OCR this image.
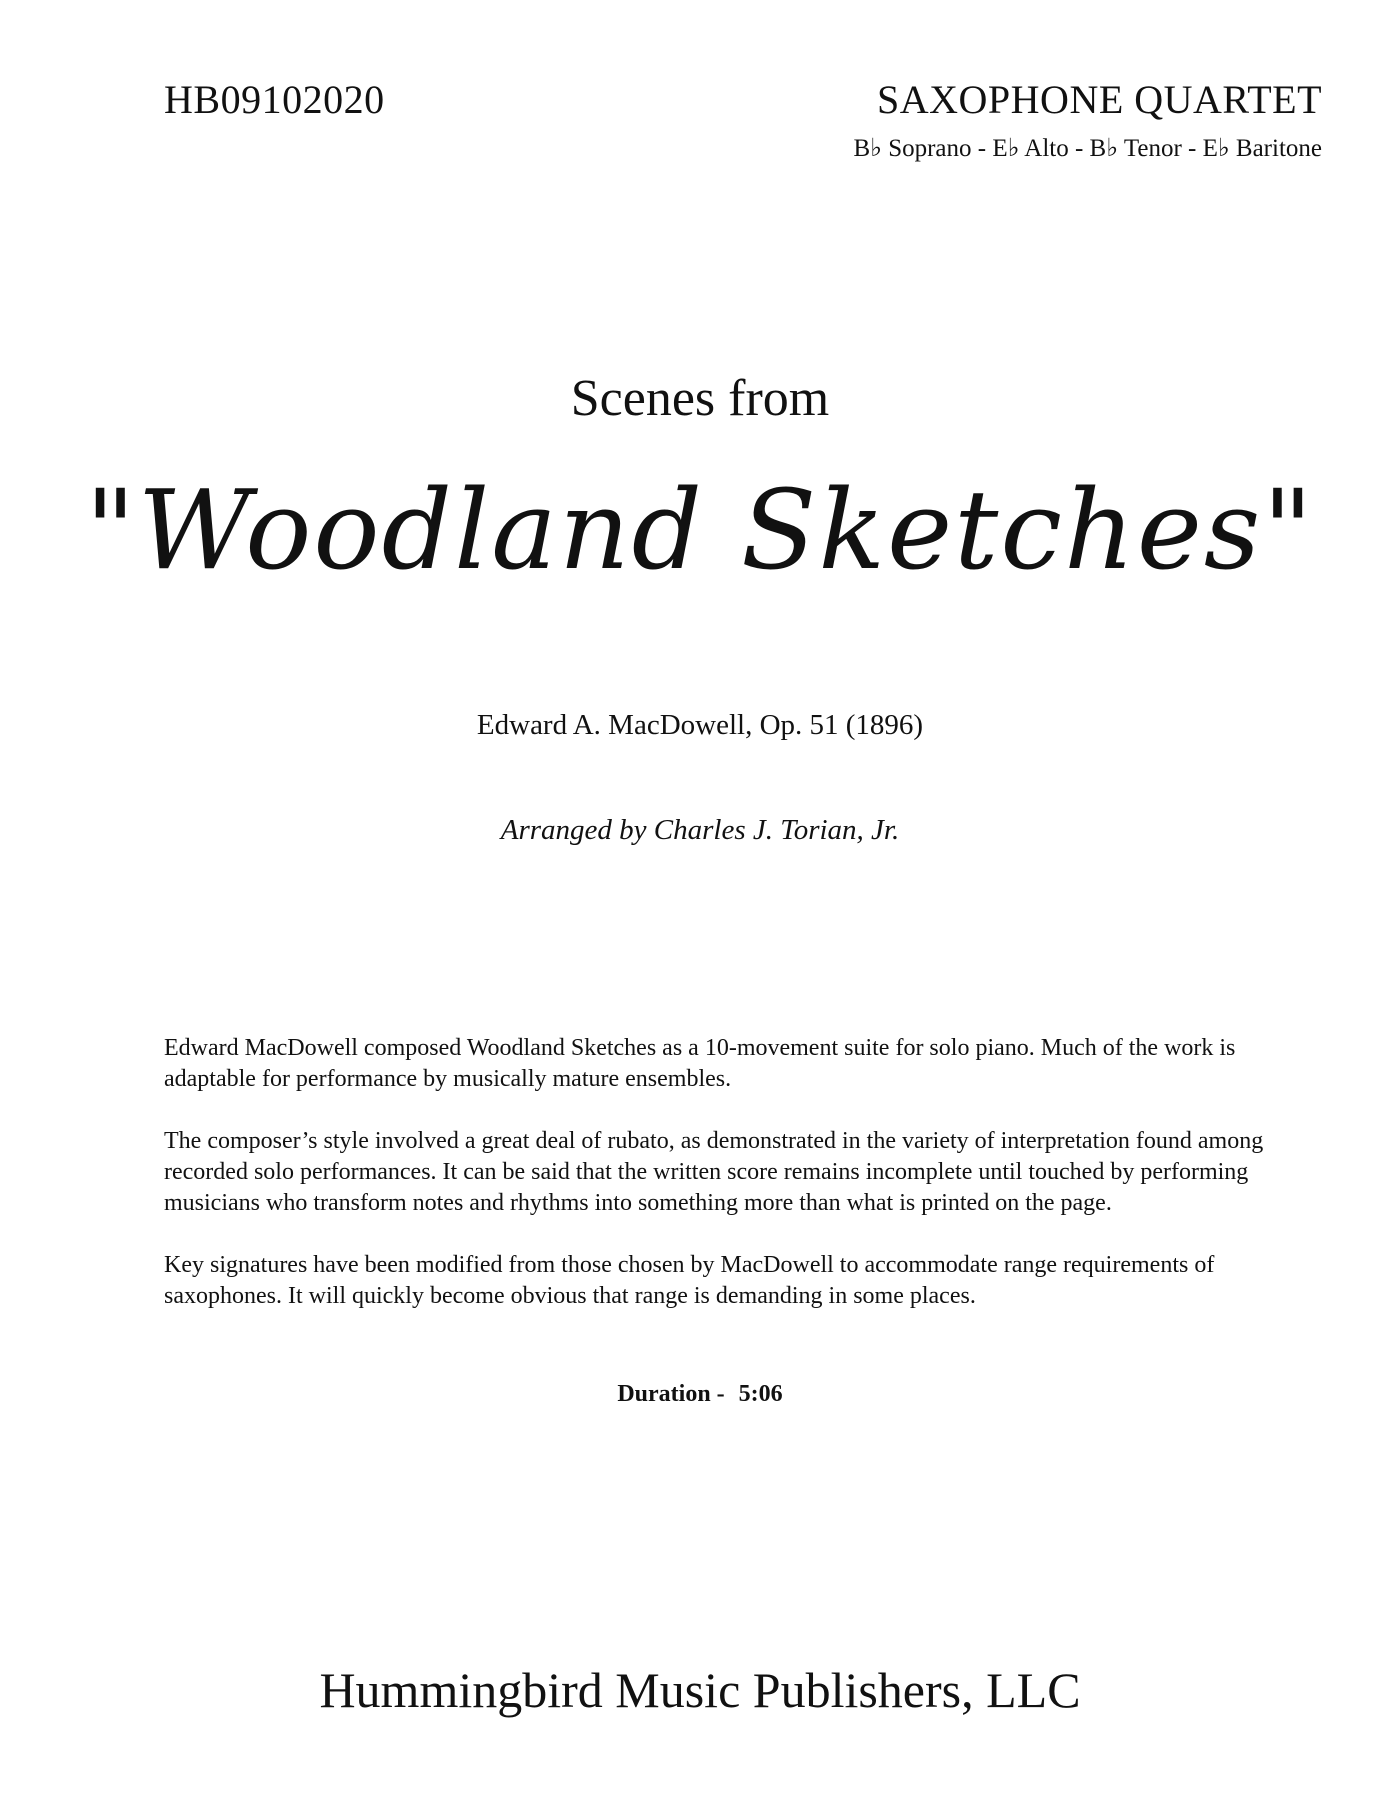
HB09102020	SAXOPHONE QUARTET
B♭ Soprano - E♭ Alto - B♭ Tenor - E♭ Baritone
Scenes from
"Woodland Sketches"
Edward A. MacDowell, Op. 51 (1896)
Arranged by Charles J. Torian, Jr.

Edward MacDowell composed Woodland Sketches as a 10-movement suite for solo piano. Much of the work is adaptable for performance by musically mature ensembles.

The composer’s style involved a great deal of rubato, as demonstrated in the variety of interpretation found among recorded solo performances. It can be said that the written score remains incomplete until touched by performing musicians who transform notes and rhythms into something more than what is printed on the page.

Key signatures have been modified from those chosen by MacDowell to accommodate range requirements of saxophones. It will quickly become obvious that range is demanding in some places.

Duration - 5:06
Hummingbird Music Publishers, LLC
